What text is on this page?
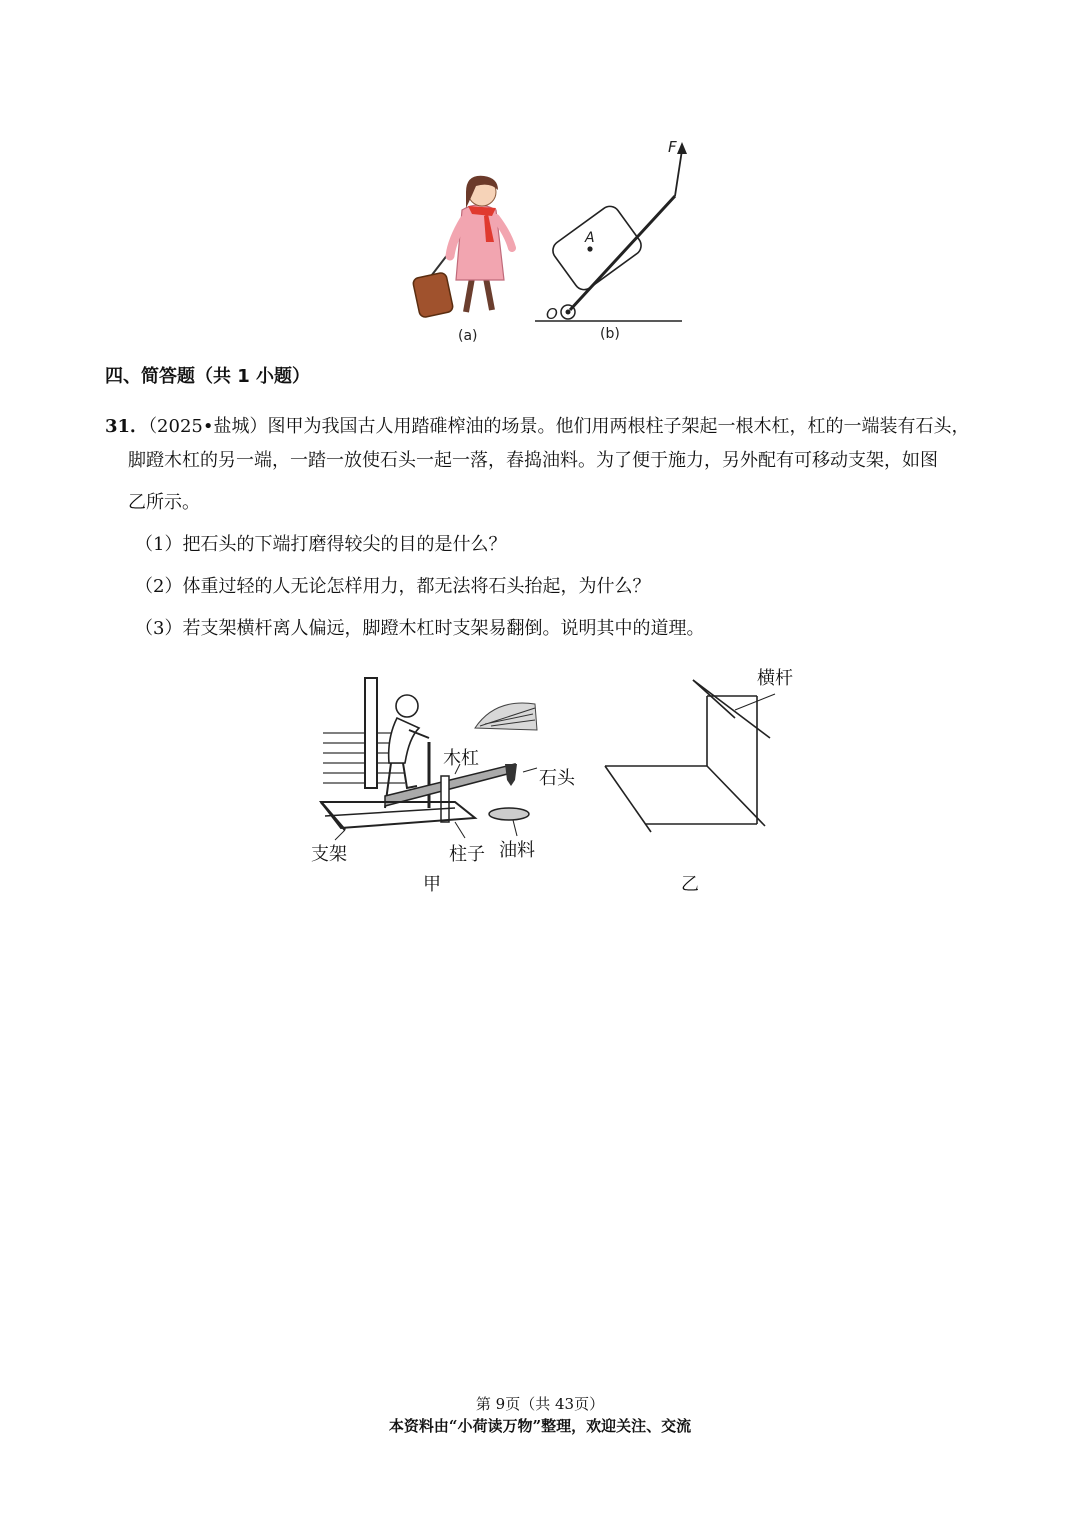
(a)
F
A
O
(b)
四、简答题（共 1 小题）
31．（2025•盐城）图甲为我国古人用踏碓榨油的场景。他们用两根柱子架起一根木杠，杠的一端装有石头，
脚蹬木杠的另一端，一踏一放使石头一起一落，舂捣油料。为了便于施力，另外配有可移动支架，如图
乙所示。
（1）把石头的下端打磨得较尖的目的是什么？
（2）体重过轻的人无论怎样用力，都无法将石头抬起，为什么？
（3）若支架横杆离人偏远，脚蹬木杠时支架易翻倒。说明其中的道理。
木杠
石头
支架	柱子 油料
甲
横杆
乙
第 9页（共 43页）
本资料由“小荷读万物”整理，欢迎关注、交流
